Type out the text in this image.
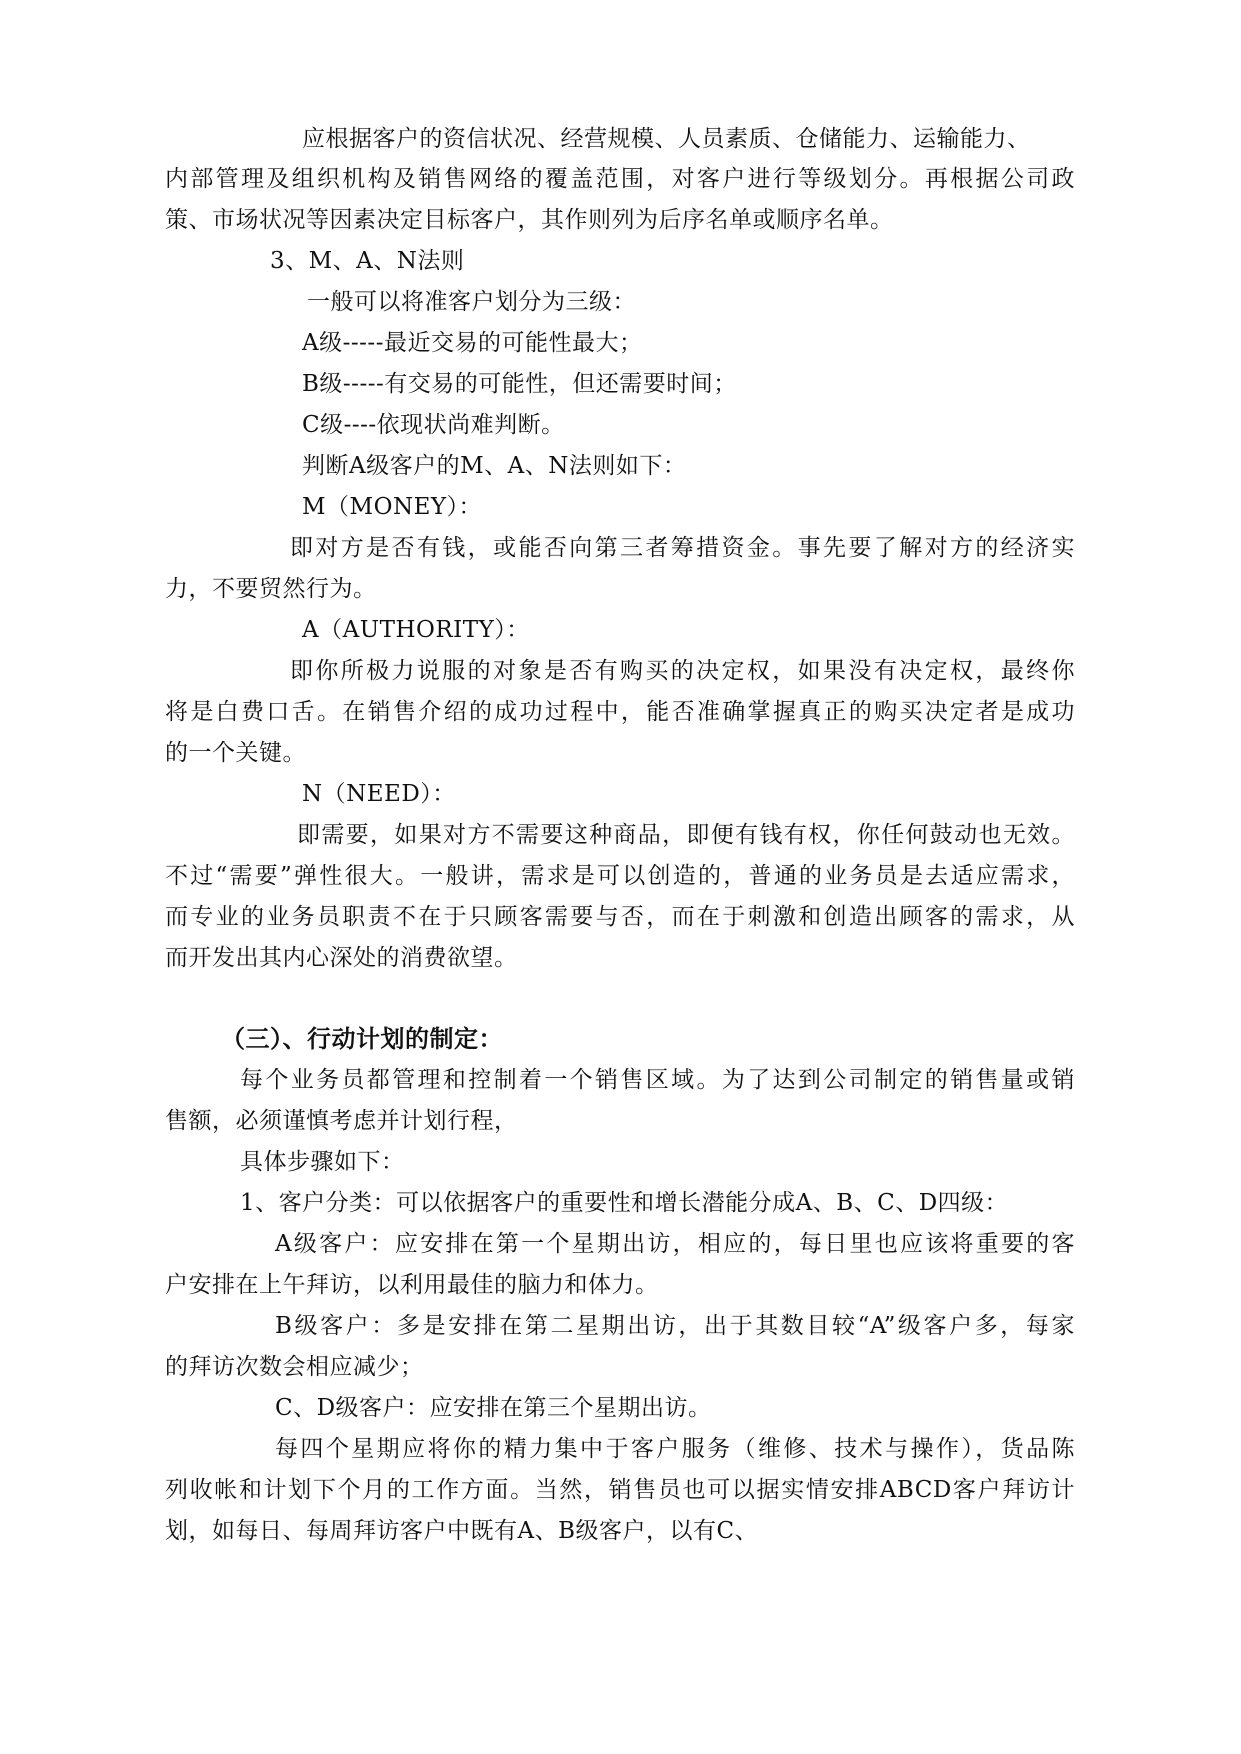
应根据客户的资信状况、经营规模、人员素质、仓储能力、运输能力、
内部管理及组织机构及销售网络的覆盖范围，对客户进行等级划分。再根据公司政
策、市场状况等因素决定目标客户，其作则列为后序名单或顺序名单。
3、M、A、N法则
一般可以将准客户划分为三级：
A级-----最近交易的可能性最大；
B级-----有交易的可能性，但还需要时间；
C级----依现状尚难判断。
判断A级客户的M、A、N法则如下：
M（MONEY）：
即对方是否有钱，或能否向第三者筹措资金。事先要了解对方的经济实
力，不要贸然行为。
A（AUTHORITY）：
即你所极力说服的对象是否有购买的决定权，如果没有决定权，最终你
将是白费口舌。在销售介绍的成功过程中，能否准确掌握真正的购买决定者是成功
的一个关键。
N（NEED）：
即需要，如果对方不需要这种商品，即便有钱有权，你任何鼓动也无效。
不过“需要”弹性很大。一般讲，需求是可以创造的，普通的业务员是去适应需求，
而专业的业务员职责不在于只顾客需要与否，而在于刺激和创造出顾客的需求，从
而开发出其内心深处的消费欲望。
（三）、行动计划的制定：
每个业务员都管理和控制着一个销售区域。为了达到公司制定的销售量或销
售额，必须谨慎考虑并计划行程，
具体步骤如下：
1、客户分类：可以依据客户的重要性和增长潜能分成A、B、C、D四级：
A级客户：应安排在第一个星期出访，相应的，每日里也应该将重要的客
户安排在上午拜访，以利用最佳的脑力和体力。
B级客户：多是安排在第二星期出访，出于其数目较“A”级客户多，每家
的拜访次数会相应减少；
C、D级客户：应安排在第三个星期出访。
每四个星期应将你的精力集中于客户服务（维修、技术与操作），货品陈
列收帐和计划下个月的工作方面。当然，销售员也可以据实情安排ABCD客户拜访计
划，如每日、每周拜访客户中既有A、B级客户，以有C、
